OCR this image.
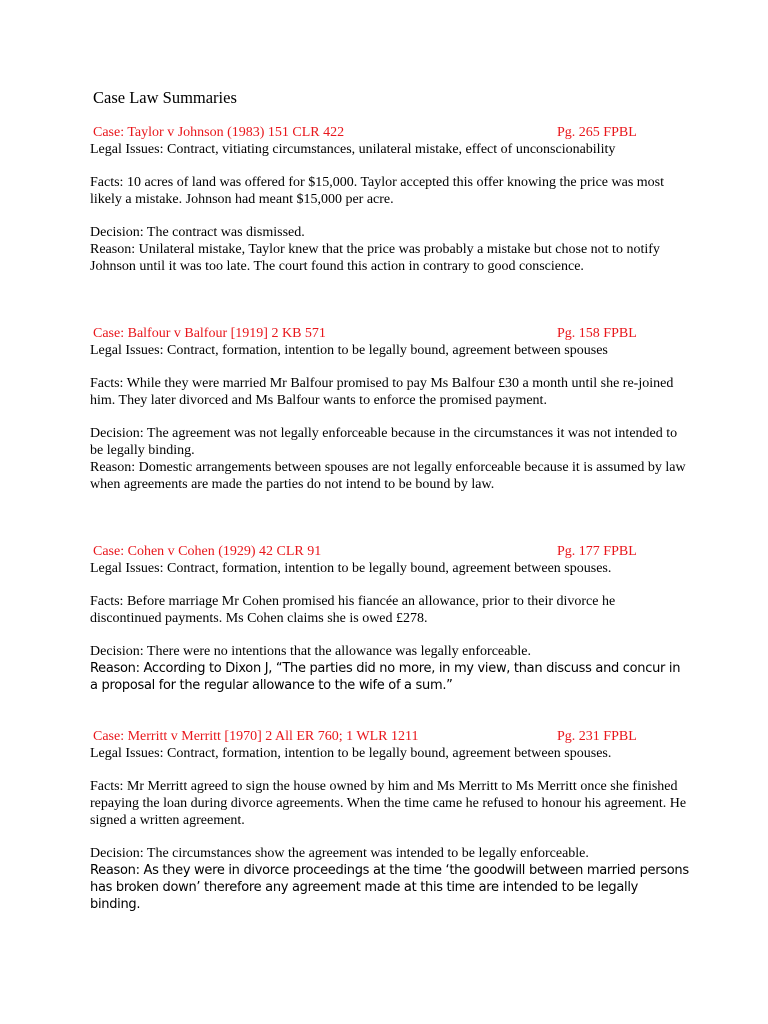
Case Law Summaries
Case: Taylor v Johnson (1983) 151 CLR 422	Pg. 265 FPBL

Legal Issues: Contract, vitiating circumstances, unilateral mistake, effect of unconscionability

Facts: 10 acres of land was offered for $15,000. Taylor accepted this offer knowing the price was most likely a mistake. Johnson had meant $15,000 per acre.

Decision: The contract was dismissed.

Reason: Unilateral mistake, Taylor knew that the price was probably a mistake but chose not to notify Johnson until it was too late. The court found this action in contrary to good conscience.

Case: Balfour v Balfour [1919] 2 KB 571	Pg. 158 FPBL

Legal Issues: Contract, formation, intention to be legally bound, agreement between spouses

Facts: While they were married Mr Balfour promised to pay Ms Balfour £30 a month until she re-joined him. They later divorced and Ms Balfour wants to enforce the promised payment.

Decision: The agreement was not legally enforceable because in the circumstances it was not intended to be legally binding.

Reason: Domestic arrangements between spouses are not legally enforceable because it is assumed by law when agreements are made the parties do not intend to be bound by law.

Case: Cohen v Cohen (1929) 42 CLR 91	Pg. 177 FPBL

Legal Issues: Contract, formation, intention to be legally bound, agreement between spouses.

Facts: Before marriage Mr Cohen promised his fiancée an allowance, prior to their divorce he discontinued payments. Ms Cohen claims she is owed £278.

Decision: There were no intentions that the allowance was legally enforceable.

Reason: According to Dixon J, “The parties did no more, in my view, than discuss and concur in a proposal for the regular allowance to the wife of a sum.”

Case: Merritt v Merritt [1970] 2 All ER 760; 1 WLR 1211	Pg. 231 FPBL

Legal Issues: Contract, formation, intention to be legally bound, agreement between spouses.

Facts: Mr Merritt agreed to sign the house owned by him and Ms Merritt to Ms Merritt once she finished repaying the loan during divorce agreements. When the time came he refused to honour his agreement. He signed a written agreement.

Decision: The circumstances show the agreement was intended to be legally enforceable.

Reason: As they were in divorce proceedings at the time ‘the goodwill between married persons has broken down’ therefore any agreement made at this time are intended to be legally binding.
